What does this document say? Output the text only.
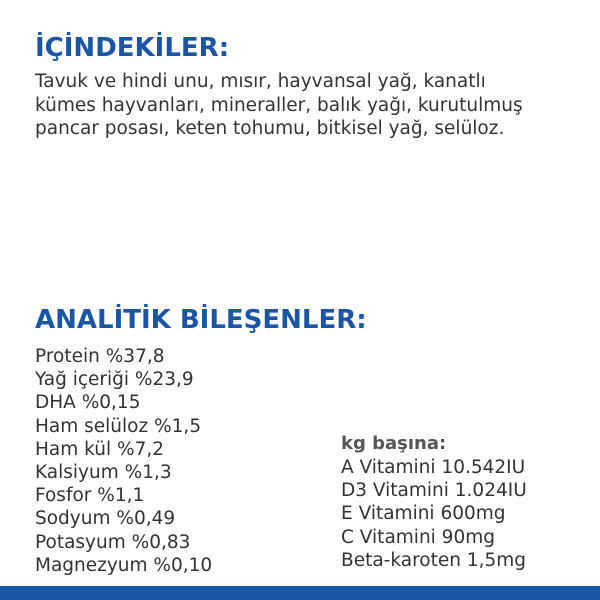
İÇİNDEKİLER:

Tavuk ve hindi unu, mısır, hayvansal yağ, kanatlı
kümes hayvanları, mineraller, balık yağı, kurutulmuş
pancar posası, keten tohumu, bitkisel yağ, selüloz.

ANALİTİK BİLEŞENLER:
Protein %37,8
Yağ içeriği %23,9
DHA %0,15
Ham selüloz %1,5
Ham kül %7,2
Kalsiyum %1,3
Fosfor %1,1
Sodyum %0,49
Potasyum %0,83
Magnezyum %0,10
kg başına:
A Vitamini 10.542IU
D3 Vitamini 1.024IU
E Vitamini 600mg
C Vitamini 90mg
Beta-karoten 1,5mg
